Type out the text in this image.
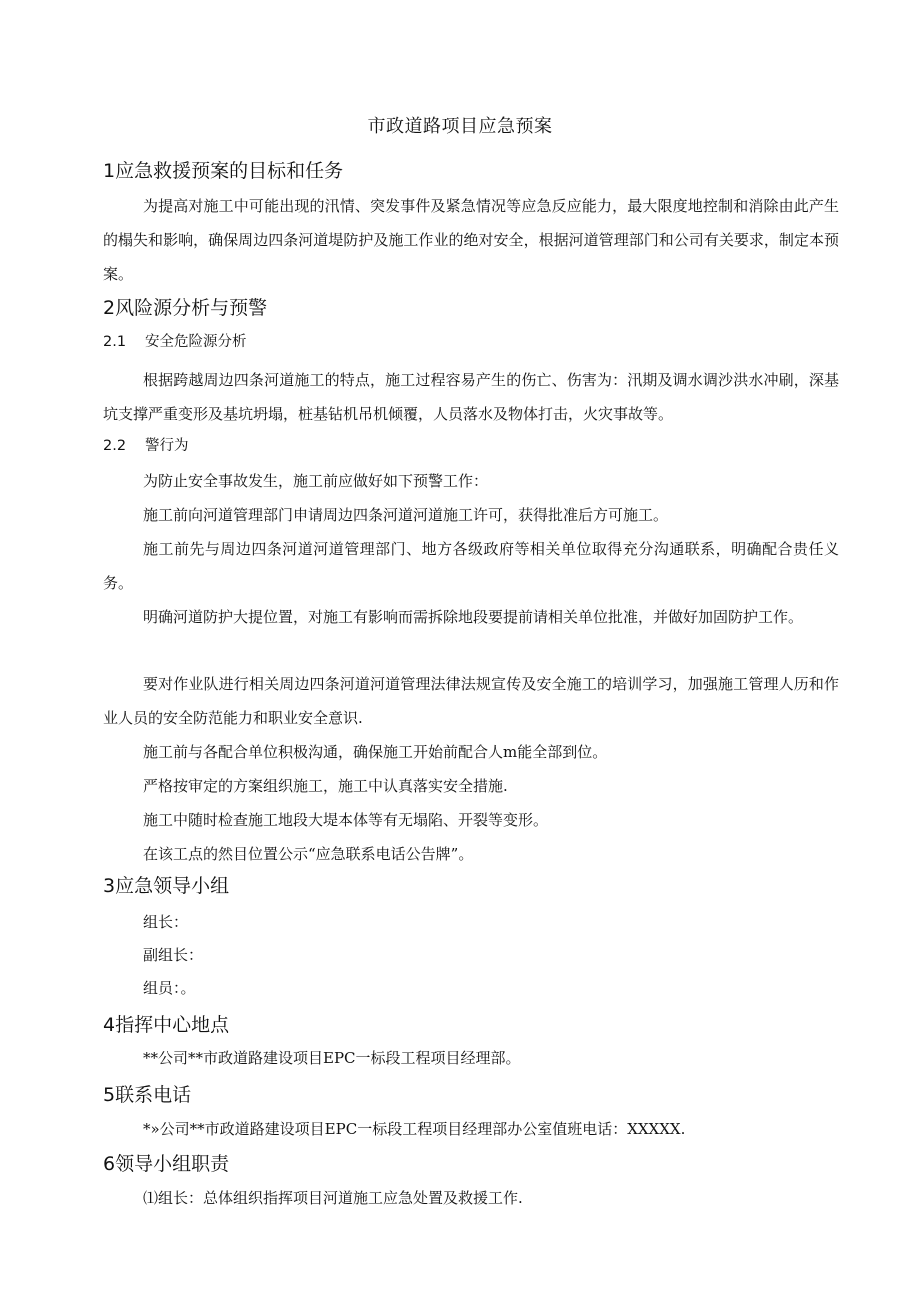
市政道路项目应急预案
1应急救援预案的目标和任务
为提高对施工中可能出现的汛情、突发事件及紧急情况等应急反应能力，最大限度地控制和消除由此产生的榻失和影响，确保周边四条河道堤防护及施工作业的绝对安全，根据河道管理部门和公司有关要求，制定本预案。
2风险源分析与预警
2.1 安全危险源分析
根据跨越周边四条河道施工的特点，施工过程容易产生的伤亡、伤害为：汛期及调水调沙洪水冲刷，深基坑支撑严重变形及基坑坍塌，桩基钻机吊机倾覆，人员落水及物体打击，火灾事故等。
2.2 警行为
为防止安全事故发生，施工前应做好如下预警工作：
施工前向河道管理部门申请周边四条河道河道施工许可，获得批准后方可施工。
施工前先与周边四条河道河道管理部门、地方各级政府等相关单位取得充分沟通联系，明确配合贵任义务。
明确河道防护大提位置，对施工有影响而需拆除地段要提前请相关单位批准，并做好加固防护工作。
要对作业队进行相关周边四条河道河道管理法律法规宣传及安全施工的培训学习，加强施工管理人历和作业人员的安全防范能力和职业安全意识.
施工前与各配合单位积极沟通，确保施工开始前配合人m能全部到位。
严格按审定的方案组织施工，施工中认真落实安全措施.
施工中随时检查施工地段大堤本体等有无塌陷、开裂等变形。
在该工点的然目位置公示“应急联系电话公告牌”。
3应急领导小组
组长：
副组长：
组员：。
4指挥中心地点
**公司**市政道路建设项目EPC一标段工程项目经理部。
5联系电话
*»公司**市政道路建设项目EPC一标段工程项目经理部办公室值班电话：XXXXX.
6领导小组职责
⑴组长：总体组织指挥项目河道施工应急处置及救援工作.
